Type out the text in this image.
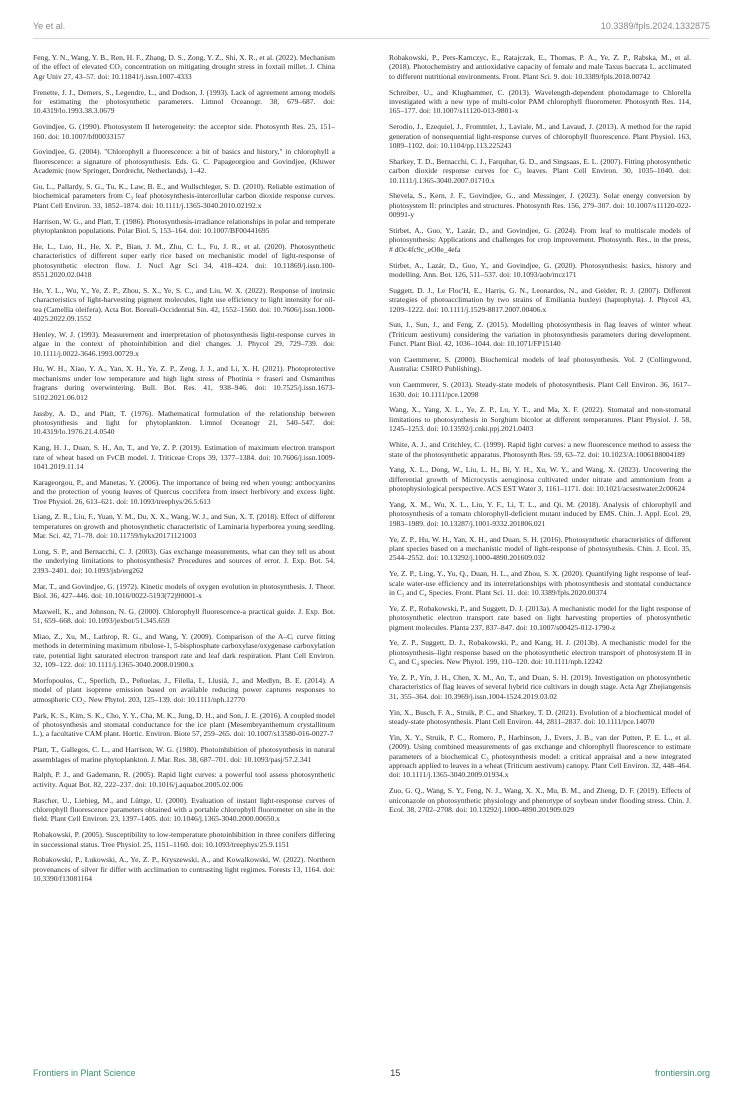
Ye et al.	10.3389/fpls.2024.1332875

Feng, Y. N., Wang, Y. B., Ren, H. F., Zhang, D. S., Zong, Y. Z., Shi, X. R., et al. (2022). Mechanism of the effect of elevated CO₂ concentration on mitigating drought stress in foxtail millet. J. China Agr Univ 27, 43–57. doi: 10.11841/j.issn.1007-4333

Frenette, J. J., Demers, S., Legendre, L., and Dodson, J. (1993). Lack of agreement among models for estimating the photosynthetic parameters. Limnol Oceanogr. 38, 679–687. doi: 10.4319/lo.1993.38.3.0679

Govindjee, G. (1990). Photosystem II heterogeneity: the acceptor side. Photosynth Res. 25, 151–160. doi: 10.1007/bf00033157

Govindjee, G. (2004). "Chlorophyll a fluorescence: a bit of basics and history," in chlorophyll a fluorescence: a signature of photosynthesis. Eds. G. C. Papageorgiou and Govindjee, (Kluwer Academic (now Springer, Dordrecht, Netherlands), 1–42.

Gu, L., Pallardy, S. G., Tu, K., Law, B. E., and Wullschleger, S. D. (2010). Reliable estimation of biochemical parameters from C₃ leaf photosynthesis-intercellular carbon dioxide response curves. Plant Cell Environ. 33, 1852–1874. doi: 10.1111/j.1365-3040.2010.02192.x

Harrison, W. G., and Platt, T. (1986). Photosynthesis-irradiance relationships in polar and temperate phytoplankton populations. Polar Biol. 5, 153–164. doi: 10.1007/BF00441695

He, L., Luo, H., He, X. P., Bian, J. M., Zhu, C. L., Fu, J. R., et al. (2020). Photosynthetic characteristics of different super early rice based on mechanistic model of light-response of photosynthetic electron flow. J. Nucl Agr Sci 34, 418–424. doi: 10.11869/j.issn.100-8551.2020.02.0418

He, Y. L., Wu, Y., Ye, Z. P., Zhou, S. X., Ye, S. C., and Liu, W. X. (2022). Response of intrinsic characteristics of light-harvesting pigment molecules, light use efficiency to light intensity for oil-tea (Camellia oleifera). Acta Bot. Boreali-Occidential Sin. 42, 1552–1560. doi: 10.7606/j.issn.1000-4025.2022.09.1552

Henley, W. J. (1993). Measurement and interpretation of photosynthesis light-response curves in algae in the context of photoinhibition and diel changes. J. Phycol 29, 729–739. doi: 10.1111/j.0022-3646.1993.00729.x

Hu, W. H., Xiao, Y. A., Yan, X. H., Ye, Z. P., Zeng, J. J., and Li, X. H. (2021). Photoprotective mechanisms under low temperature and high light stress of Photinia × fraseri and Osmanthus fragrans during overwintering. Bull. Bot. Res. 41, 938–946. doi: 10.7525/j.issn.1673-5102.2021.06.012

Jassby, A. D., and Platt, T. (1976). Mathematical formulation of the relationship between photosynthesis and light for phytoplankton. Limnol Oceanogr 21, 540–547. doi: 10.4319/lo.1976.21.4.0540

Kang, H. J., Duan, S. H., An, T., and Ye, Z. P. (2019). Estimation of maximum electron transport rate of wheat based on FvCB model. J. Triticeae Crops 39, 1377–1384. doi: 10.7606/j.issn.1009-1041.2019.11.14

Karageorgou, P., and Manetas, Y. (2006). The importance of being red when young: anthocyanins and the protection of young leaves of Quercus coccifera from insect herbivory and excess light. Tree Physiol. 26, 613–621. doi: 10.1093/treephys/26.5.613

Liang, Z. R., Liu, F., Yuan, Y. M., Du, X. X., Wang, W. J., and Sun, X. T. (2018). Effect of different temperatures on growth and photosynthetic characteristic of Laminaria hyperborea young seedling. Mar. Sci. 42, 71–78. doi: 10.11759/hykx20171121003

Long, S. P., and Bernacchi, C. J. (2003). Gas exchange measurements, what can they tell us about the underlying limitations to photosynthesis? Procedures and sources of error. J. Exp. Bot. 54, 2393–2401. doi: 10.1093/jxb/erg262

Mar, T., and Govindjee, G. (1972). Kinetic models of oxygen evolution in photosynthesis. J. Theor. Biol. 36, 427–446. doi: 10.1016/0022-5193(72)90001-x

Maxwell, K., and Johnson, N. G. (2000). Chlorophyll fluorescence-a practical guide. J. Exp. Bot. 51, 659–668. doi: 10.1093/jexbot/51.345.659

Miao, Z., Xu, M., Lathrop, R. G., and Wang, Y. (2009). Comparison of the A–Cᵢ curve fitting methods in determining maximum ribulose-1, 5-bisphosphate carboxylase/oxygenase carboxylation rate, potential light saturated electron transport rate and leaf dark respiration. Plant Cell Environ. 32, 109–122. doi: 10.1111/j.1365-3040.2008.01900.x

Morfopoulos, C., Sperlich, D., Peñuelas, J., Filella, I., Llusià, J., and Medlyn, B. E. (2014). A model of plant isoprene emission based on available reducing power captures responses to atmospheric CO₂. New Phytol. 203, 125–139. doi: 10.1111/nph.12770

Park, K. S., Kim, S. K., Cho, Y. Y., Cha, M. K., Jung, D. H., and Son, J. E. (2016). A coupled model of photosynthesis and stomatal conductance for the ice plant (Mesembryanthemum crystallinum L.), a facultative CAM plant. Hortic. Environ. Biote 57, 259–265. doi: 10.1007/s13580-016-0027-7

Platt, T., Gallegos, C. L., and Harrison, W. G. (1980). Photoinhibition of photosynthesis in natural assemblages of marine phytoplankton. J. Mar. Res. 38, 687–701. doi: 10.1093/pasj/57.2.341

Ralph, P. J., and Gademann, R. (2005). Rapid light curves: a powerful tool assess photosynthetic activity. Aquat Bot. 82, 222–237. doi: 10.1016/j.aquabot.2005.02.006

Rascher, U., Liebieg, M., and Lüttge, U. (2000). Evaluation of instant light-response curves of chlorophyll fluorescence parameters obtained with a portable chlorophyll fluorometer on site in the field. Plant Cell Environ. 23, 1397–1405. doi: 10.1046/j.1365-3040.2000.00650.x

Robakowski, P. (2005). Susceptibility to low-temperature photoinhibition in three conifers differing in successional status. Tree Physiol. 25, 1151–1160. doi: 10.1093/treephys/25.9.1151

Robakowski, P., Łukowski, A., Ye, Z. P., Kryszewski, A., and Kowalkowski, W. (2022). Northern provenances of silver fir differ with acclimation to contrasting light regimes. Forests 13, 1164. doi: 10.3390/f13081164

Robakowski, P., Pers-Kamczyc, E., Ratajczak, E., Thomas, P. A., Ye, Z. P., Rabska, M., et al. (2018). Photochemistry and antioxidative capacity of female and male Taxus baccata L. acclimated to different nutritional environments. Front. Plant Sci. 9. doi: 10.3389/fpls.2018.00742

Schreiber, U., and Klughammer, C. (2013). Wavelength-dependent photodamage to Chlorella investigated with a new type of multi-color PAM chlorophyll fluorometer. Photosynth Res. 114, 165–177. doi: 10.1007/s11120-013-9801-x

Serodio, J., Ezequiel, J., Frommlet, J., Laviale, M., and Lavaud, J. (2013). A method for the rapid generation of nonsequential light-response curves of chlorophyll fluorescence. Plant Physiol. 163, 1089–1102. doi: 10.1104/pp.113.225243

Sharkey, T. D., Bernacchi, C. J., Farquhar, G. D., and Singsaas, E. L. (2007). Fitting photosynthetic carbon dioxide response curves for C₃ leaves. Plant Cell Environ. 30, 1035–1040. doi: 10.1111/j.1365-3040.2007.01710.x

Shevela, S., Kern, J. F., Govindjee, G., and Messinger, J. (2023). Solar energy conversion by photosystem II: principles and structures. Photosynth Res. 156, 279–307. doi: 10.1007/s11120-022-00991-y

Stirbet, A., Guo, Y., Lazár, D., and Govindjee, G. (2024). From leaf to multiscale models of photosynthesis: Applications and challenges for crop improvement. Photosynth. Res., in the press, # dOc4fc9c_eO8e_4efa

Stirbet, A., Lazár, D., Guo, Y., and Govindjee, G. (2020). Photosynthesis: basics, history and modelling. Ann. Bot. 126, 511–537. doi: 10.1093/aob/mcz171

Suggett, D. J., Le Floc'H, E., Harris, G. N., Leonardos, N., and Geider, R. J. (2007). Different strategies of photoacclimation by two strains of Emiliania huxleyi (haptophyta). J. Phycol 43, 1209–1222. doi: 10.1111/j.1529-8817.2007.00406.x

Sun, J., Sun, J., and Feng, Z. (2015). Modelling photosynthesis in flag leaves of winter wheat (Triticum aestivum) considering the variation in photosynthesis parameters during development. Funct. Plant Biol. 42, 1036–1044. doi: 10.1071/FP15140

von Caemmerer, S. (2000). Biochemical models of leaf photosynthesis. Vol. 2 (Collingwood, Australia: CSIRO Publishing).

von Caemmerer, S. (2013). Steady-state models of photosynthesis. Plant Cell Environ. 36, 1617–1630. doi: 10.1111/pce.12098

Wang, X., Yang, X. L., Ye, Z. P., Lu, Y. T., and Ma, X. F. (2022). Stomatal and non-stomatal limitations to photosynthesis in Sorghum bicolor at different temperatures. Plant Physiol. J. 58, 1245–1253. doi: 10.13592/j.cnki.ppj.2021.0403

White, A. J., and Critchley, C. (1999). Rapid light curves: a new fluorescence method to assess the state of the photosynthetic apparatus. Photosynth Res. 59, 63–72. doi: 10.1023/A:1006188004189

Yang, X. L., Dong, W., Liu, L. H., Bi, Y. H., Xu, W. Y., and Wang, X. (2023). Uncovering the differential growth of Microcystis aeruginosa cultivated under nitrate and ammonium from a photophysiological perspective. ACS EST Water 3, 1161–1171. doi: 10.1021/acsestwater.2c00624

Yang, X. M., Wu, X. L., Liu, Y. F., Li, T. L., and Qi, M. (2018). Analysis of chlorophyll and photosynthesis of a tomato chlorophyll-deficient mutant induced by EMS. Chin. J. Appl. Ecol. 29, 1983–1989. doi: 10.13287/j.1001-9332.201806.021

Ye, Z. P., Hu, W. H., Yan, X. H., and Duan, S. H. (2016). Photosynthetic characteristics of different plant species based on a mechanistic model of light-response of photosynthesis. Chin. J. Ecol. 35, 2544–2552. doi: 10.13292/j.1000-4890.201609.032

Ye, Z. P., Ling, Y., Yu, Q., Duan, H. L., and Zhou, S. X. (2020). Quantifying light response of leaf-scale water-use efficiency and its interrelationships with photosynthesis and stomatal conductance in C₃ and C₄ Species. Front. Plant Sci. 11. doi: 10.3389/fpls.2020.00374

Ye, Z. P., Robakowski, P., and Suggett, D. J. (2013a). A mechanistic model for the light response of photosynthetic electron transport rate based on light harvesting properties of photosynthetic pigment molecules. Planta 237, 837–847. doi: 10.1007/s00425-012-1790-z

Ye, Z. P., Suggett, D. J., Robakowski, P., and Kang, H. J. (2013b). A mechanistic model for the photosynthesis–light response based on the photosynthetic electron transport of photosystem II in C₃ and C₄ species. New Phytol. 199, 110–120. doi: 10.1111/nph.12242

Ye, Z. P., Yin, J. H., Chen, X. M., An, T., and Duan, S. H. (2019). Investigation on photosynthetic characteristics of flag leaves of several hybrid rice cultivars in dough stage. Acta Agr Zhejiangensis 31, 355–364. doi: 10.3969/j.issn.1004-1524.2019.03.02

Yin, X., Busch, F. A., Struik, P. C., and Sharkey, T. D. (2021). Evolution of a biochemical model of steady-state photosynthesis. Plant Cell Environ. 44, 2811–2837. doi: 10.1111/pce.14070

Yin, X. Y., Struik, P. C., Romero, P., Harbinson, J., Evers, J. B., van der Putten, P. E. L., et al. (2009). Using combined measurements of gas exchange and chlorophyll fluorescence to estimate parameters of a biochemical C₃ photosynthesis model: a critical appraisal and a new integrated approach applied to leaves in a wheat (Triticum aestivum) canopy. Plant Cell Environ. 32, 448–464. doi: 10.1111/j.1365-3040.2009.01934.x

Zuo, G. Q., Wang, S. Y., Feng, N. J., Wang, X. X., Mu, B. M., and Zheng, D. F. (2019). Effects of uniconazole on photosynthetic physiology and phenotype of soybean under flooding stress. Chin. J. Ecol. 38, 2702–2708. doi: 10.13292/j.1000-4890.201909.029

Frontiers in Plant Science	15	frontiersin.org
